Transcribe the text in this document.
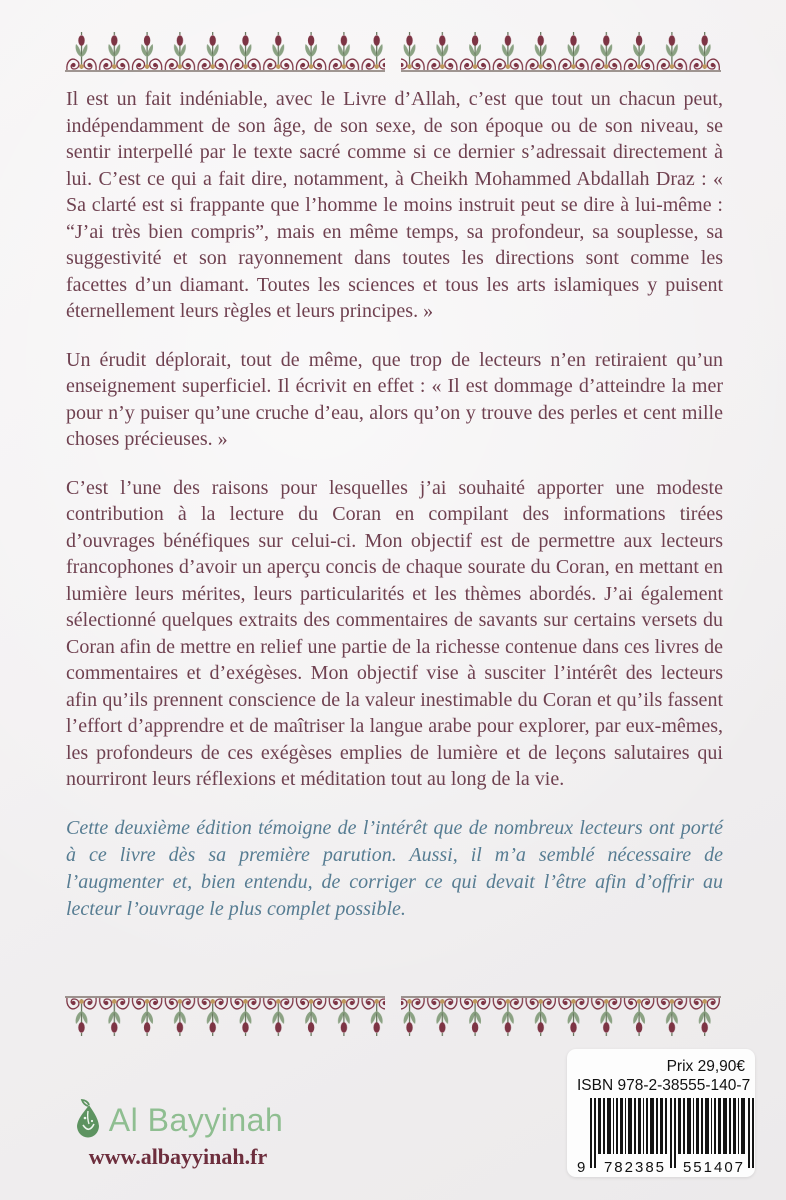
Il est un fait indéniable, avec le Livre d’Allah, c’est que tout un chacun peut, indépendamment de son âge, de son sexe, de son époque ou de son niveau, se sentir interpellé par le texte sacré comme si ce dernier s’adressait directement à lui. C’est ce qui a fait dire, notamment, à Cheikh Mohammed Abdallah Draz : « Sa clarté est si frappante que l’homme le moins instruit peut se dire à lui-même : “J’ai très bien compris”, mais en même temps, sa profondeur, sa souplesse, sa suggestivité et son rayonnement dans toutes les directions sont comme les facettes d’un diamant. Toutes les sciences et tous les arts islamiques y puisent éternellement leurs règles et leurs principes. »

Un érudit déplorait, tout de même, que trop de lecteurs n’en retiraient qu’un enseignement superficiel. Il écrivit en effet : « Il est dommage d’atteindre la mer pour n’y puiser qu’une cruche d’eau, alors qu’on y trouve des perles et cent mille choses précieuses. »

C’est l’une des raisons pour lesquelles j’ai souhaité apporter une modeste contribution à la lecture du Coran en compilant des informations tirées d’ouvrages bénéfiques sur celui-ci. Mon objectif est de permettre aux lecteurs francophones d’avoir un aperçu concis de chaque sourate du Coran, en mettant en lumière leurs mérites, leurs particularités et les thèmes abordés. J’ai également sélectionné quelques extraits des commentaires de savants sur certains versets du Coran afin de mettre en relief une partie de la richesse contenue dans ces livres de commentaires et d’exégèses. Mon objectif vise à susciter l’intérêt des lecteurs afin qu’ils prennent conscience de la valeur inestimable du Coran et qu’ils fassent l’effort d’apprendre et de maîtriser la langue arabe pour explorer, par eux-mêmes, les profondeurs de ces exégèses emplies de lumière et de leçons salutaires qui nourriront leurs réflexions et méditation tout au long de la vie.

Cette deuxième édition témoigne de l’intérêt que de nombreux lecteurs ont porté à ce livre dès sa première parution. Aussi, il m’a semblé nécessaire de l’augmenter et, bien entendu, de corriger ce qui devait l’être afin d’offrir au lecteur l’ouvrage le plus complet possible.

Al Bayyinah
www.albayyinah.fr
Prix 29,90€
ISBN 978-2-38555-140-7
9 782385 551407
